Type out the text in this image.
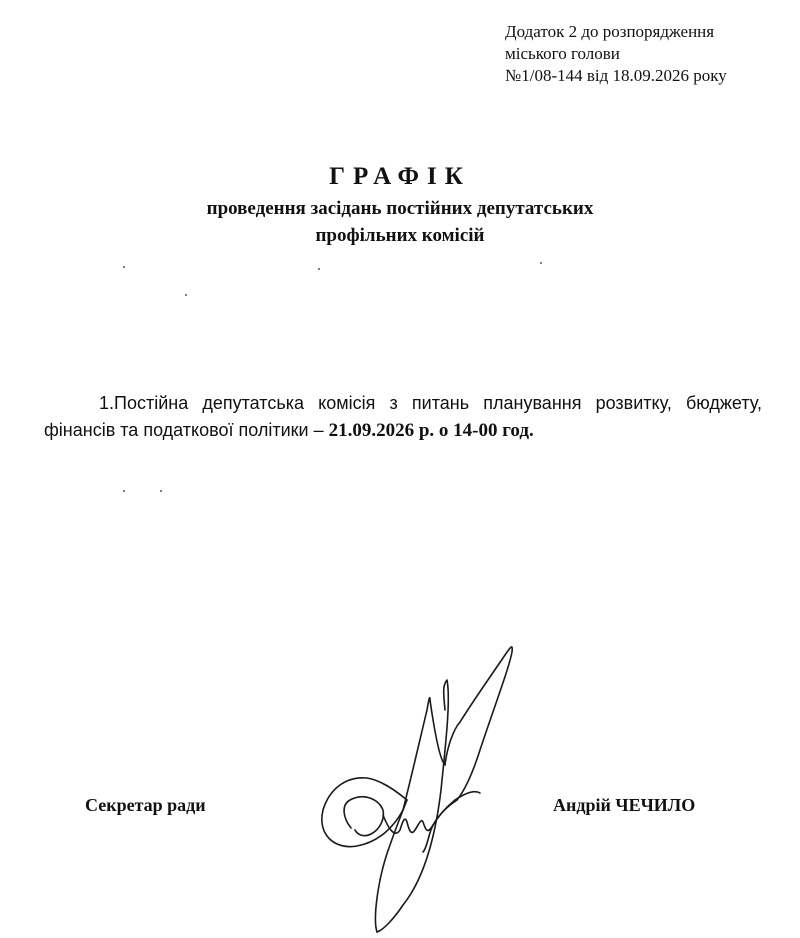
Додаток 2 до розпорядження
міського голови
№1/08-144 від 18.09.2026 року
ГРАФІК
проведення засідань постійних депутатських
профільних комісій
1.Постійна депутатська комісія з питань планування розвитку, бюджету, фінансів та податкової політики – 21.09.2026 р. о 14-00 год.
Секретар ради	Андрій ЧЕЧИЛО
